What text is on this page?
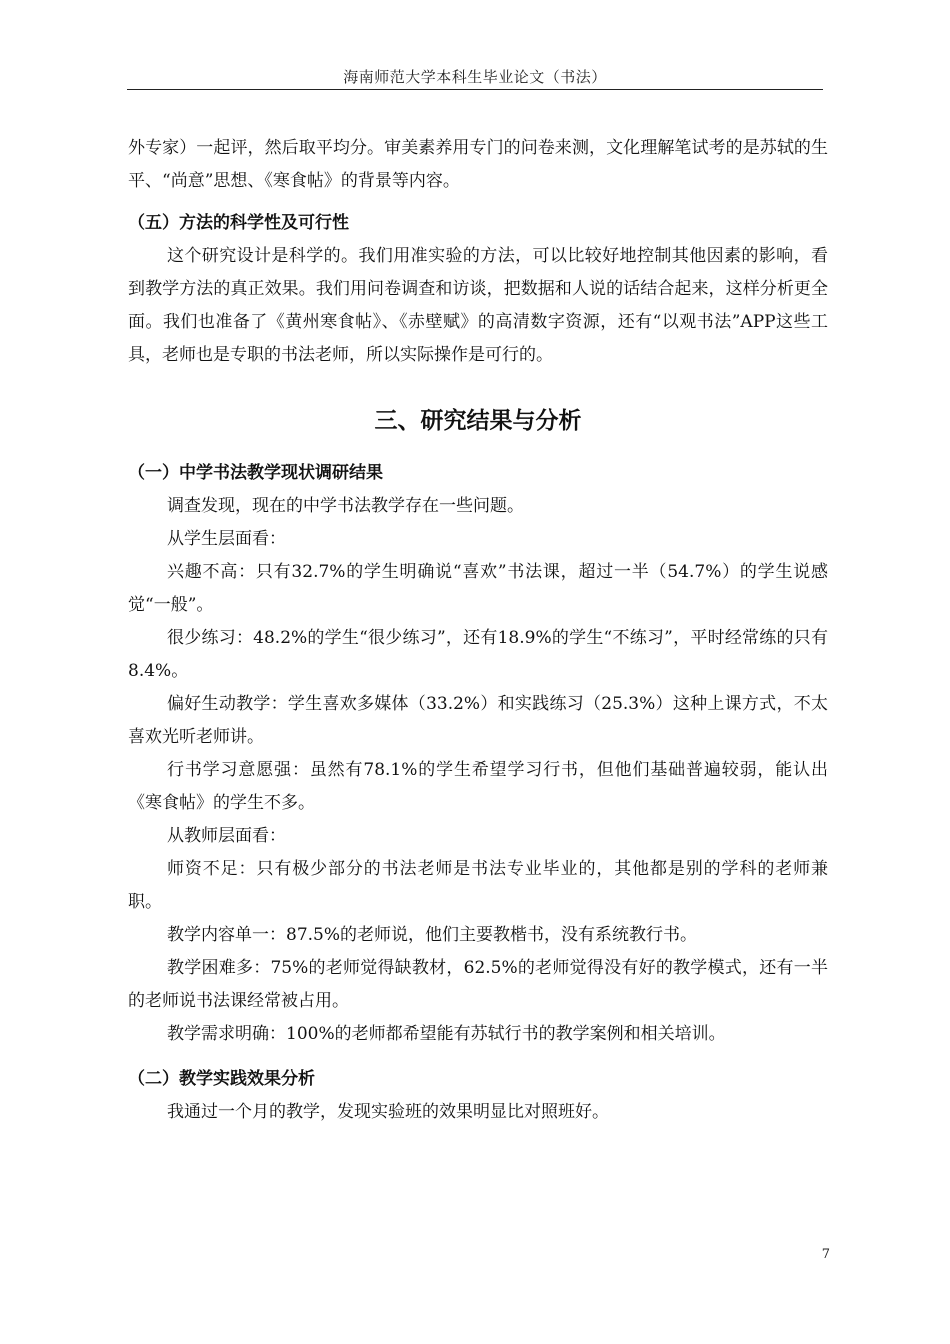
海南师范大学本科生毕业论文（书法）

外专家）一起评，然后取平均分。审美素养用专门的问卷来测，文化理解笔试考的是苏轼的生平、“尚意”思想、《寒食帖》的背景等内容。

（五）方法的科学性及可行性

这个研究设计是科学的。我们用准实验的方法，可以比较好地控制其他因素的影响，看到教学方法的真正效果。我们用问卷调查和访谈，把数据和人说的话结合起来，这样分析更全面。我们也准备了《黄州寒食帖》、《赤壁赋》的高清数字资源，还有“以观书法”APP这些工具，老师也是专职的书法老师，所以实际操作是可行的。

三、研究结果与分析
（一）中学书法教学现状调研结果

调查发现，现在的中学书法教学存在一些问题。

从学生层面看：

兴趣不高：只有32.7%的学生明确说“喜欢”书法课，超过一半（54.7%）的学生说感觉“一般”。

很少练习：48.2%的学生“很少练习”，还有18.9%的学生“不练习”，平时经常练的只有8.4%。

偏好生动教学：学生喜欢多媒体（33.2%）和实践练习（25.3%）这种上课方式，不太喜欢光听老师讲。

行书学习意愿强：虽然有78.1%的学生希望学习行书，但他们基础普遍较弱，能认出《寒食帖》的学生不多。

从教师层面看：

师资不足：只有极少部分的书法老师是书法专业毕业的，其他都是别的学科的老师兼职。

教学内容单一：87.5%的老师说，他们主要教楷书，没有系统教行书。

教学困难多：75%的老师觉得缺教材，62.5%的老师觉得没有好的教学模式，还有一半的老师说书法课经常被占用。

教学需求明确：100%的老师都希望能有苏轼行书的教学案例和相关培训。

（二）教学实践效果分析

我通过一个月的教学，发现实验班的效果明显比对照班好。

7
